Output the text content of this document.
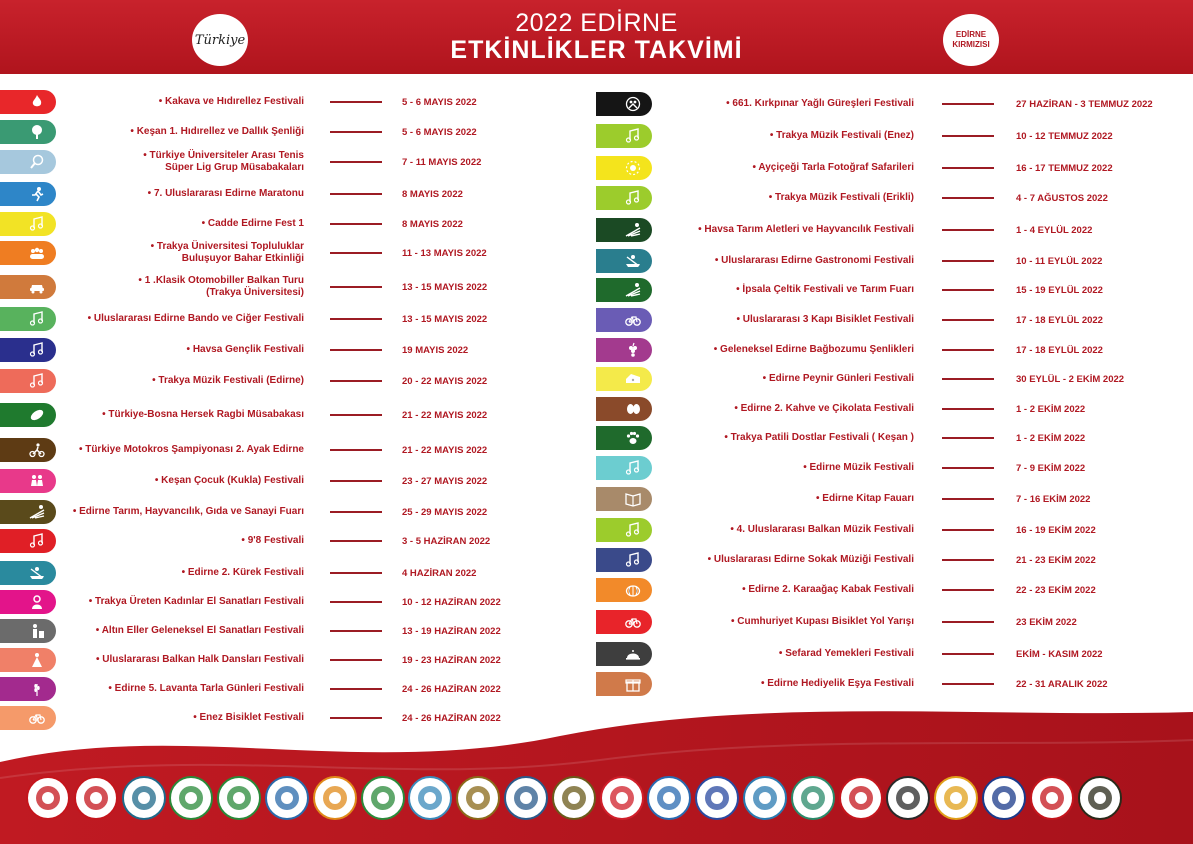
2022 EDİRNE
ETKİNLİKLER TAKVİMİ
Türkiye	EDİRNE KIRMIZISI
• Kakava ve Hıdırellez Festivali	5 - 6 MAYIS 2022
• Keşan 1. Hıdırellez ve Dallık Şenliği	5 - 6 MAYIS 2022
• Türkiye Üniversiteler Arası Tenis
Süper Lig Grup Müsabakaları	7 - 11 MAYIS 2022
• 7. Uluslararası Edirne Maratonu	8 MAYIS 2022
• Cadde Edirne Fest 1	8 MAYIS 2022
• Trakya Üniversitesi Topluluklar
Buluşuyor Bahar Etkinliği	11 - 13 MAYIS 2022
• 1 .Klasik Otomobiller Balkan Turu
(Trakya Üniversitesi)	13 - 15 MAYIS 2022
• Uluslararası Edirne Bando ve Ciğer Festivali	13 - 15 MAYIS 2022
• Havsa Gençlik Festivali	19 MAYIS 2022
• Trakya Müzik Festivali (Edirne)	20 - 22 MAYIS 2022
• Türkiye-Bosna Hersek Ragbi Müsabakası	21 - 22 MAYIS 2022
• Türkiye Motokros Şampiyonası 2. Ayak Edirne	21 - 22 MAYIS 2022
• Keşan Çocuk (Kukla) Festivali	23 - 27 MAYIS 2022
• Edirne Tarım, Hayvancılık, Gıda ve Sanayi Fuarı	25 - 29 MAYIS 2022
• 9'8 Festivali	3 - 5 HAZİRAN 2022
• Edirne 2. Kürek Festivali	4 HAZİRAN 2022
• Trakya Üreten Kadınlar El Sanatları Festivali	10 - 12 HAZİRAN 2022
• Altın Eller Geleneksel El Sanatları Festivali	13 - 19 HAZİRAN 2022
• Uluslararası Balkan Halk Dansları Festivali	19 - 23 HAZİRAN 2022
• Edirne 5. Lavanta Tarla Günleri Festivali	24 - 26 HAZİRAN 2022
• Enez Bisiklet Festivali	24 - 26 HAZİRAN 2022
• 661. Kırkpınar Yağlı Güreşleri Festivali	27 HAZİRAN - 3 TEMMUZ 2022
• Trakya Müzik Festivali (Enez)	10 - 12 TEMMUZ 2022
• Ayçiçeği Tarla Fotoğraf Safarileri	16 - 17 TEMMUZ 2022
• Trakya Müzik Festivali (Erikli)	4 - 7 AĞUSTOS 2022
• Havsa Tarım Aletleri ve Hayvancılık Festivali	1 - 4 EYLÜL 2022
• Uluslararası Edirne Gastronomi Festivali	10 - 11 EYLÜL 2022
• İpsala Çeltik Festivali ve Tarım Fuarı	15 - 19 EYLÜL 2022
• Uluslararası 3 Kapı Bisiklet Festivali	17 - 18 EYLÜL 2022
• Geleneksel Edirne Bağbozumu Şenlikleri	17 - 18 EYLÜL 2022
• Edirne Peynir Günleri Festivali	30 EYLÜL - 2 EKİM 2022
• Edirne 2. Kahve ve Çikolata Festivali	1 - 2 EKİM 2022
• Trakya Patili Dostlar Festivali ( Keşan )	1 - 2 EKİM 2022
• Edirne Müzik Festivali	7 - 9 EKİM 2022
• Edirne Kitap Fauarı	7 - 16 EKİM 2022
• 4. Uluslararası Balkan Müzik Festivali	16 - 19 EKİM 2022
• Uluslararası Edirne Sokak Müziği Festivali	21 - 23 EKİM 2022
• Edirne 2. Karaağaç Kabak Festivali	22 - 23 EKİM 2022
• Cumhuriyet Kupası Bisiklet Yol Yarışı	23 EKİM 2022
• Sefarad Yemekleri Festivali	EKİM - KASIM 2022
• Edirne Hediyelik Eşya Festivali	22 - 31 ARALIK 2022
